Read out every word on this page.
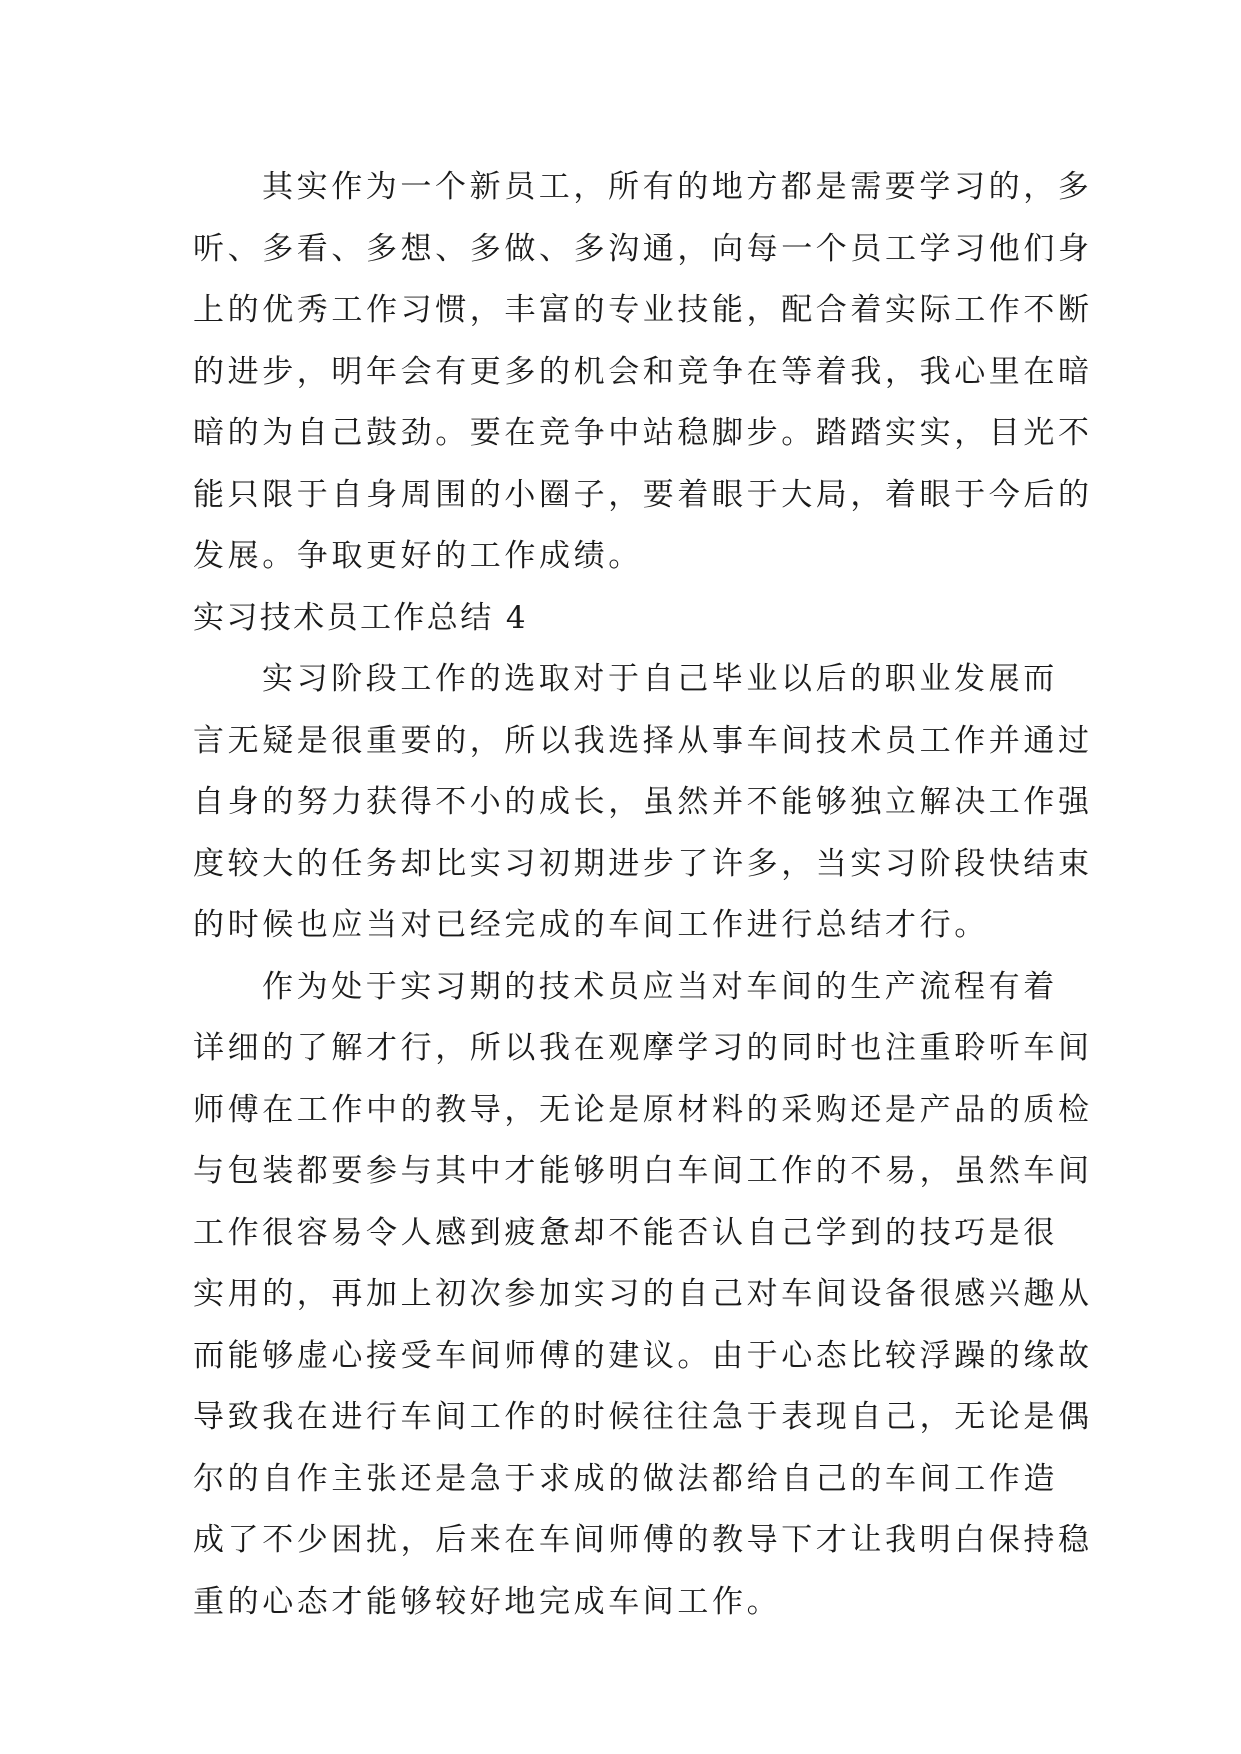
其实作为一个新员工，所有的地方都是需要学习的，多
听、多看、多想、多做、多沟通，向每一个员工学习他们身
上的优秀工作习惯，丰富的专业技能，配合着实际工作不断
的进步，明年会有更多的机会和竞争在等着我，我心里在暗
暗的为自己鼓劲。要在竞争中站稳脚步。踏踏实实，目光不
能只限于自身周围的小圈子，要着眼于大局，着眼于今后的
发展。争取更好的工作成绩。
实习技术员工作总结 4
实习阶段工作的选取对于自己毕业以后的职业发展而
言无疑是很重要的，所以我选择从事车间技术员工作并通过
自身的努力获得不小的成长，虽然并不能够独立解决工作强
度较大的任务却比实习初期进步了许多，当实习阶段快结束
的时候也应当对已经完成的车间工作进行总结才行。
作为处于实习期的技术员应当对车间的生产流程有着
详细的了解才行，所以我在观摩学习的同时也注重聆听车间
师傅在工作中的教导，无论是原材料的采购还是产品的质检
与包装都要参与其中才能够明白车间工作的不易，虽然车间
工作很容易令人感到疲惫却不能否认自己学到的技巧是很
实用的，再加上初次参加实习的自己对车间设备很感兴趣从
而能够虚心接受车间师傅的建议。由于心态比较浮躁的缘故
导致我在进行车间工作的时候往往急于表现自己，无论是偶
尔的自作主张还是急于求成的做法都给自己的车间工作造
成了不少困扰，后来在车间师傅的教导下才让我明白保持稳
重的心态才能够较好地完成车间工作。
